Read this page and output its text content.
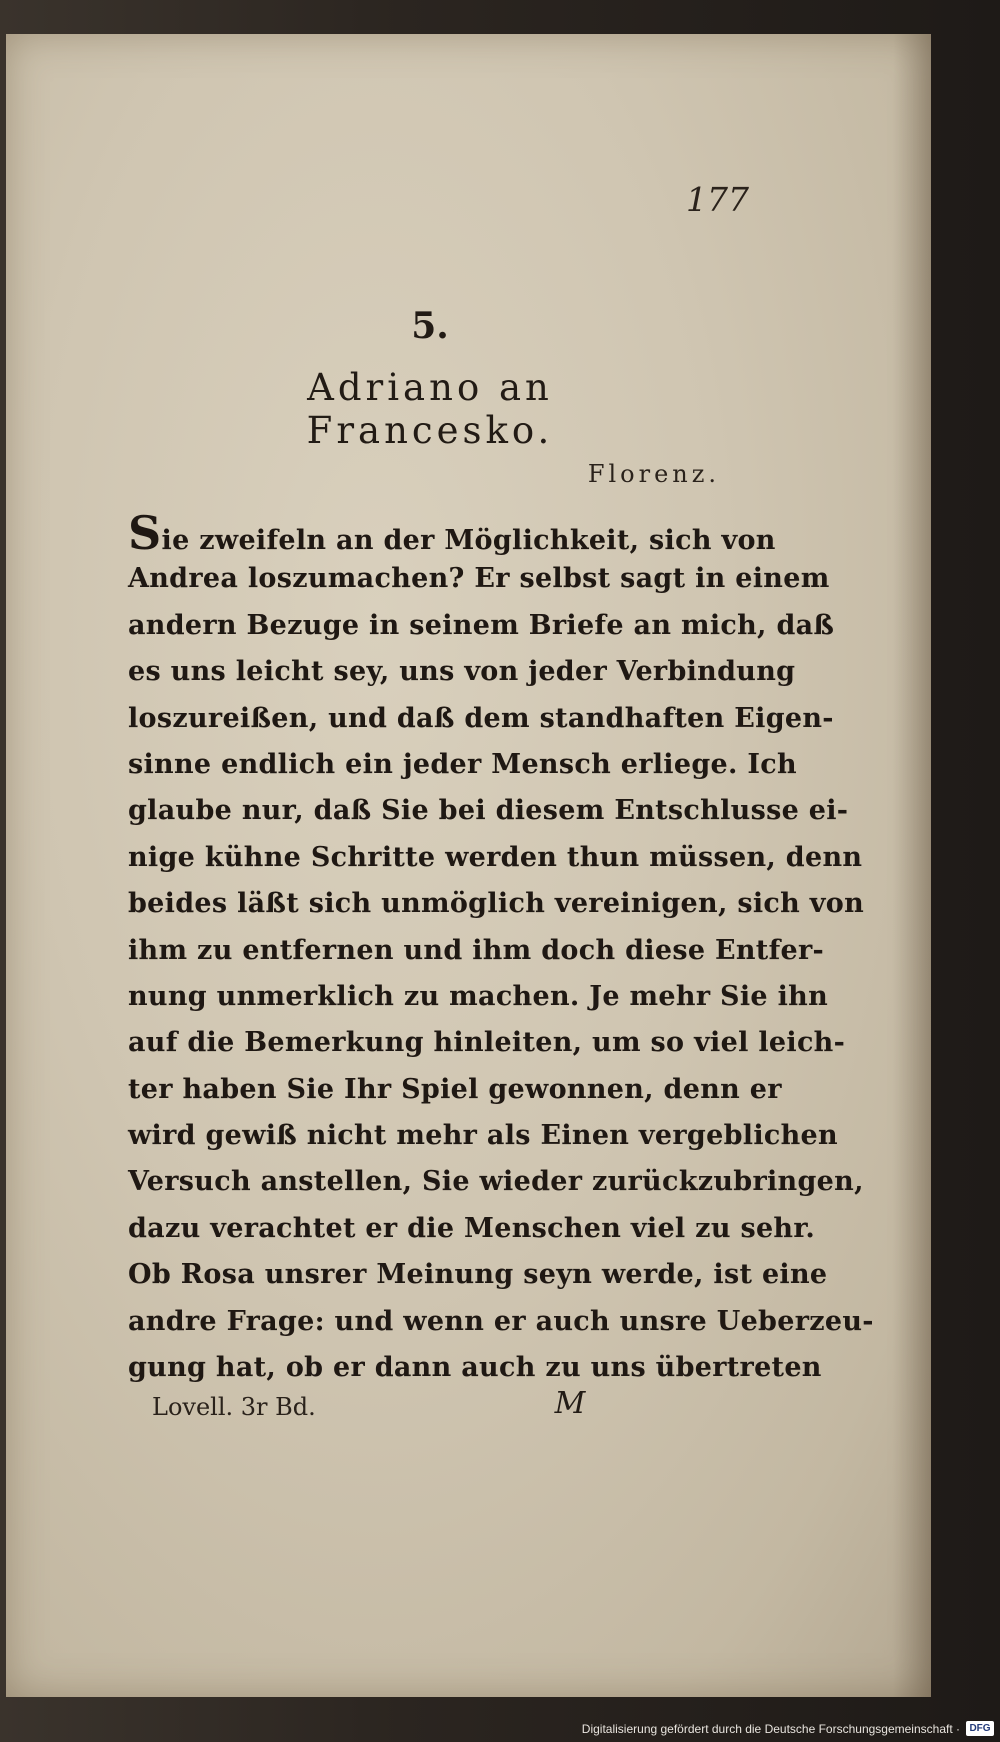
177
5.
Adriano an Francesko.
Florenz.
Sie zweifeln an der Möglichkeit, sich von
Andrea loszumachen? Er selbst sagt in einem
andern Bezuge in seinem Briefe an mich, daß
es uns leicht sey, uns von jeder Verbindung
loszureißen, und daß dem standhaften Eigen-
sinne endlich ein jeder Mensch erliege. Ich
glaube nur, daß Sie bei diesem Entschlusse ei-
nige kühne Schritte werden thun müssen, denn
beides läßt sich unmöglich vereinigen, sich von
ihm zu entfernen und ihm doch diese Entfer-
nung unmerklich zu machen. Je mehr Sie ihn
auf die Bemerkung hinleiten, um so viel leich-
ter haben Sie Ihr Spiel gewonnen, denn er
wird gewiß nicht mehr als Einen vergeblichen
Versuch anstellen, Sie wieder zurückzubringen,
dazu verachtet er die Menschen viel zu sehr.
Ob Rosa unsrer Meinung seyn werde, ist eine
andre Frage: und wenn er auch unsre Ueberzeu-
gung hat, ob er dann auch zu uns übertreten
Lovell. 3r Bd.	M
Digitalisierung gefördert durch die Deutsche Forschungsgemeinschaft · DFG
